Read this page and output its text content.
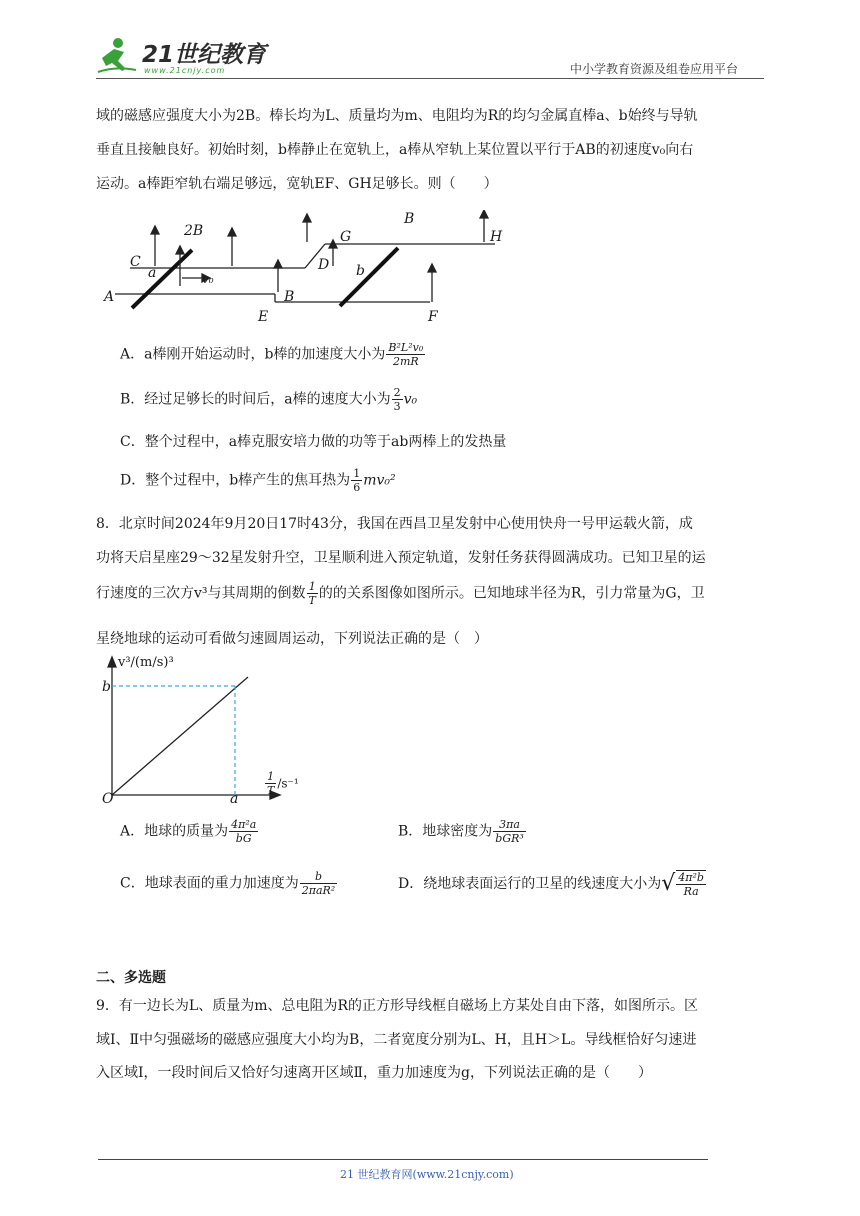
21世纪教育
www.21cnjy.com	中小学教育资源及组卷应用平台
域的磁感应强度大小为2B。棒长均为L、质量均为m、电阻均为R的均匀金属直棒a、b始终与导轨
垂直且接触良好。初始时刻，b棒静止在宽轨上，a棒从窄轨上某位置以平行于AB的初速度v₀向右
运动。a棒距窄轨右端足够远，宽轨EF、GH足够长。则（　　）
2B
B
C
a	v₀
A	B
E
D
G
b
H
F
A．a棒刚开始运动时，b棒的加速度大小为 $\frac{\text{B²L²v₀}}{2mR}$
B．经过足够长的时间后，a棒的速度大小为 $\frac{2}{3} v_0$
C．整个过程中，a棒克服安培力做的功等于ab两棒上的发热量
D．整个过程中，b棒产生的焦耳热为 $\frac{1}{6} mv_0^2$
8．北京时间2024年9月20日17时43分，我国在西昌卫星发射中心使用快舟一号甲运载火箭，成
功将天启星座29～32星发射升空，卫星顺利进入预定轨道，发射任务获得圆满成功。已知卫星的运
行速度的三次方v³与其周期的倒数 $\frac{1}{T}$ 的的关系图像如图所示。已知地球半径为R，引力常量为G，卫
星绕地球的运动可看做匀速圆周运动，下列说法正确的是（　）
v³/(m/s)³
b
O	a
$\frac{1}{T} /s^{-1}$
A．地球的质量为 $\frac{\text{4π²a}}{bG}$	B．地球密度为 $\frac{3\pi a}{\text{bGR³}}$
C．地球表面的重力加速度为 $\frac{b}{\text{2πaR²}}$	D．绕地球表面运行的卫星的线速度大小为√ $\frac{\text{4π²b}}{Ra}$
二、多选题
9．有一边长为L、质量为m、总电阻为R的正方形导线框自磁场上方某处自由下落，如图所示。区
域Ⅰ、Ⅱ中匀强磁场的磁感应强度大小均为B，二者宽度分别为L、H，且H＞L。导线框恰好匀速进
入区域Ⅰ，一段时间后又恰好匀速离开区域Ⅱ，重力加速度为g，下列说法正确的是（　　）
21 世纪教育网(www.21cnjy.com)
